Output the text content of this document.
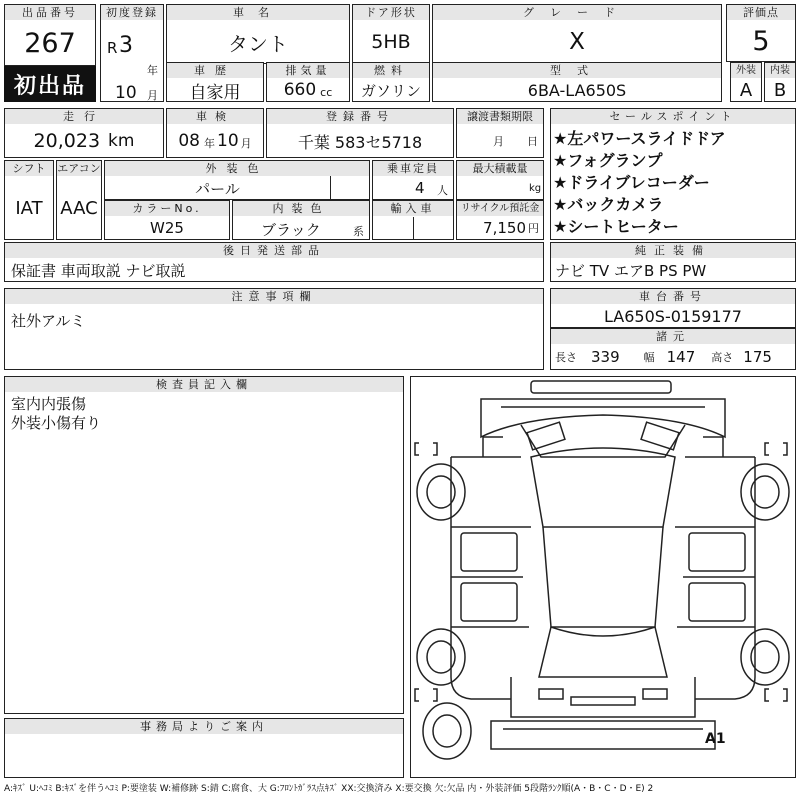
出品番号
267
初出品
初度登録
R 3
年
10 月
車名
タント
ドア形状
5HB
グレード
X
評価点
5
車歴
自家用
排気量
660 cc
燃料
ガソリン
型式
6BA-LA650S
外装
A
内装
B
走行
20,023 km
車検
08 年 10 月
登録番号
千葉 583セ5718
譲渡書類期限
月 日
シフト
IAT
エアコン
AAC
外装色
パール
乗車定員
4 人
最大積載量
kg
カラーNo.
W25
内装色
ブラック	系
輸入車	リサイクル預託金
7,150 円
後日発送部品
保証書 車両取説 ナビ取説
セールスポイント
★左パワースライドドア
★フォグランプ
★ドライブレコーダー
★バックカメラ
★シートヒーター
純正装備
ナビ TV エアB PS PW
注意事項欄
社外アルミ
車台番号
LA650S-0159177
諸元
長さ 339 幅 147 高さ 175
検査員記入欄
室内内張傷
外装小傷有り
事務局よりご案内
A1
A:ｷｽﾞ U:ﾍｺﾐ B:ｷｽﾞを伴うﾍｺﾐ P:要塗装 W:補修跡 S:錆 C:腐食、大 G:ﾌﾛﾝﾄｶﾞﾗｽ点ｷｽﾞ XX:交換済み X:要交換 欠:欠品 内・外装評価 5段階ﾗﾝｸ順(A・B・C・D・E) 2
